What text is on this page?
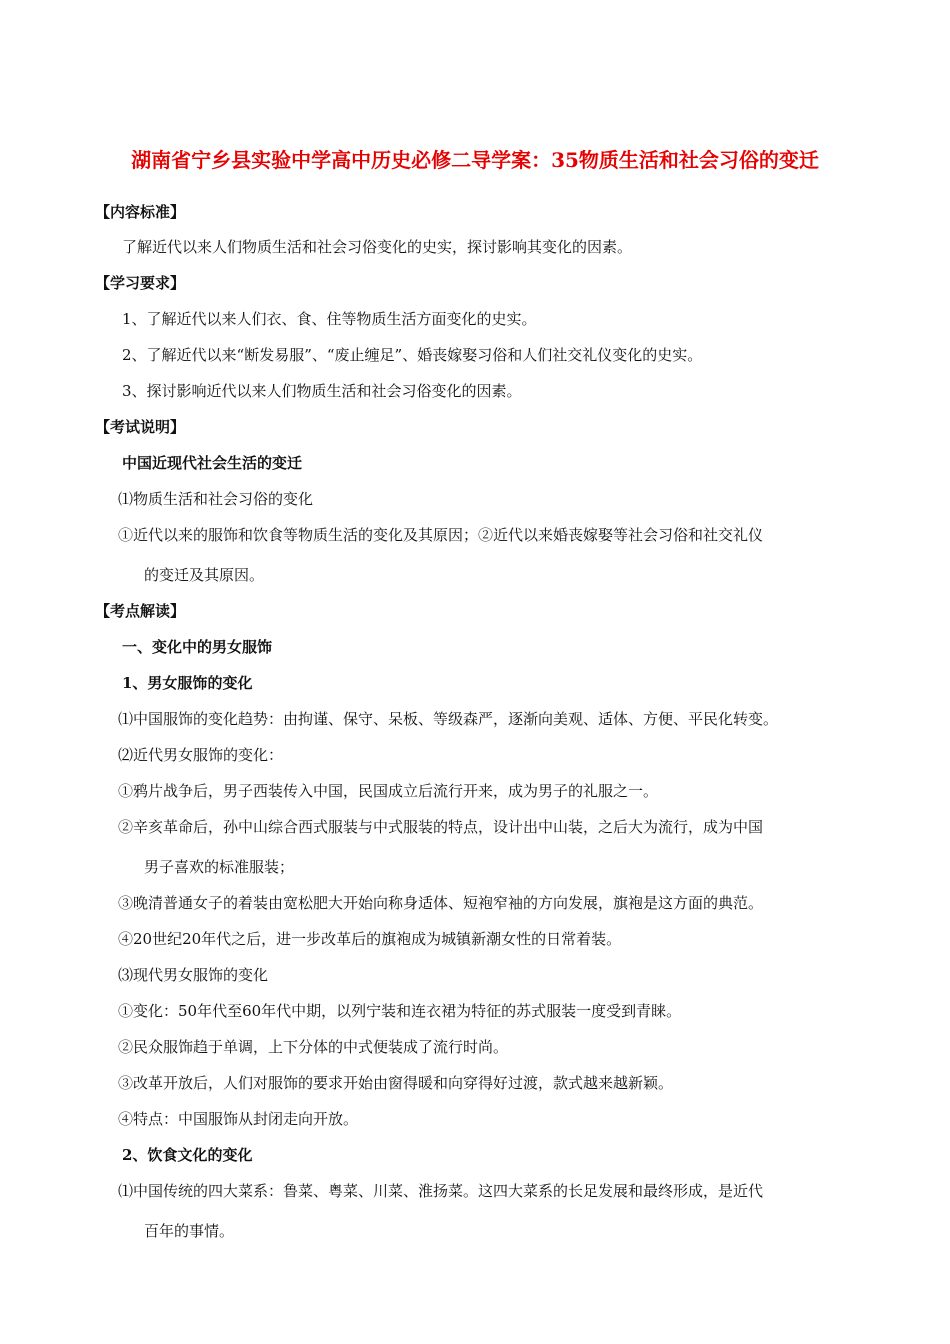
湖南省宁乡县实验中学高中历史必修二导学案：35物质生活和社会习俗的变迁
【内容标准】
了解近代以来人们物质生活和社会习俗变化的史实，探讨影响其变化的因素。
【学习要求】
1、了解近代以来人们衣、食、住等物质生活方面变化的史实。
2、了解近代以来“断发易服”、“废止缠足”、婚丧嫁娶习俗和人们社交礼仪变化的史实。
3、探讨影响近代以来人们物质生活和社会习俗变化的因素。
【考试说明】
中国近现代社会生活的变迁
⑴物质生活和社会习俗的变化
①近代以来的服饰和饮食等物质生活的变化及其原因；②近代以来婚丧嫁娶等社会习俗和社交礼仪
的变迁及其原因。
【考点解读】
一、变化中的男女服饰
1、男女服饰的变化
⑴中国服饰的变化趋势：由拘谨、保守、呆板、等级森严，逐渐向美观、适体、方便、平民化转变。
⑵近代男女服饰的变化：
①鸦片战争后，男子西装传入中国，民国成立后流行开来，成为男子的礼服之一。
②辛亥革命后，孙中山综合西式服装与中式服装的特点，设计出中山装，之后大为流行，成为中国
男子喜欢的标准服装；
③晚清普通女子的着装由宽松肥大开始向称身适体、短袍窄袖的方向发展，旗袍是这方面的典范。
④20世纪20年代之后，进一步改革后的旗袍成为城镇新潮女性的日常着装。
⑶现代男女服饰的变化
①变化：50年代至60年代中期，以列宁装和连衣裙为特征的苏式服装一度受到青睐。
②民众服饰趋于单调，上下分体的中式便装成了流行时尚。
③改革开放后，人们对服饰的要求开始由窗得暖和向穿得好过渡，款式越来越新颖。
④特点：中国服饰从封闭走向开放。
2、饮食文化的变化
⑴中国传统的四大菜系：鲁菜、粤菜、川菜、淮扬菜。这四大菜系的长足发展和最终形成，是近代
百年的事情。
